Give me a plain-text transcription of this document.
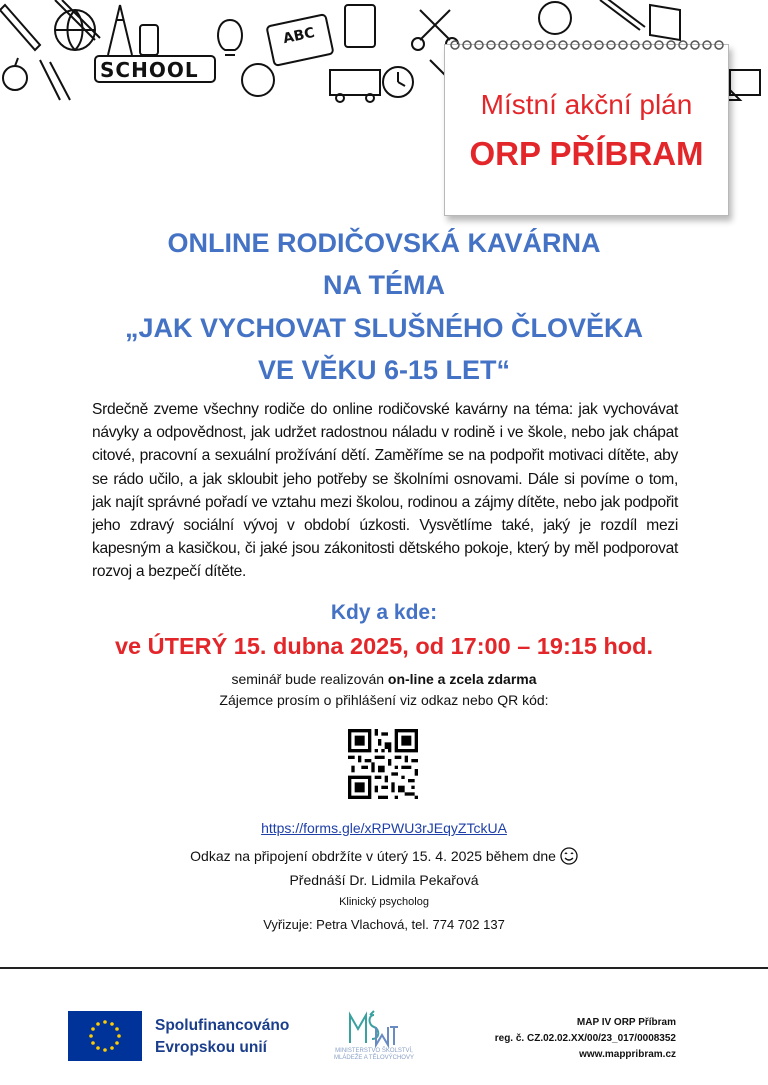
SCHOOL
ABC
Místní akční plán
ORP PŘÍBRAM
ONLINE RODIČOVSKÁ KAVÁRNA
NA TÉMA
„JAK VYCHOVAT SLUŠNÉHO ČLOVĚKA
VE VĚKU 6-15 LET“
Srdečně zveme všechny rodiče do online rodičovské kavárny na téma: jak vychovávat návyky a odpovědnost, jak udržet radostnou náladu v rodině i ve škole, nebo jak chápat citové, pracovní a sexuální prožívání dětí. Zaměříme se na podpořit motivaci dítěte, aby se rádo učilo, a jak skloubit jeho potřeby se školními osnovami. Dále si povíme o tom, jak najít správné pořadí ve vztahu mezi školou, rodinou a zájmy dítěte, nebo jak podpořit jeho zdravý sociální vývoj v období úzkosti. Vysvětlíme také, jaký je rozdíl mezi kapesným a kasičkou, či jaké jsou zákonitosti dětského pokoje, který by měl podporovat rozvoj a bezpečí dítěte.
Kdy a kde:
ve ÚTERÝ 15. dubna 2025, od 17:00 – 19:15 hod.
seminář bude realizován on-line a zcela zdarma
Zájemce prosím o přihlášení viz odkaz nebo QR kód:
https://forms.gle/xRPWU3rJEqyZTckUA
Odkaz na připojení obdržíte v úterý 15. 4. 2025 během dne
Přednáší Dr. Lidmila Pekařová
Klinický psycholog
Vyřizuje: Petra Vlachová, tel. 774 702 137
Spolufinancováno
Evropskou unií	MINISTERSTVO ŠKOLSTVÍ,
MLÁDEŽE A TĚLOVÝCHOVY
MAP IV ORP Příbram
reg. č. CZ.02.02.XX/00/23_017/0008352
www.mappribram.cz
